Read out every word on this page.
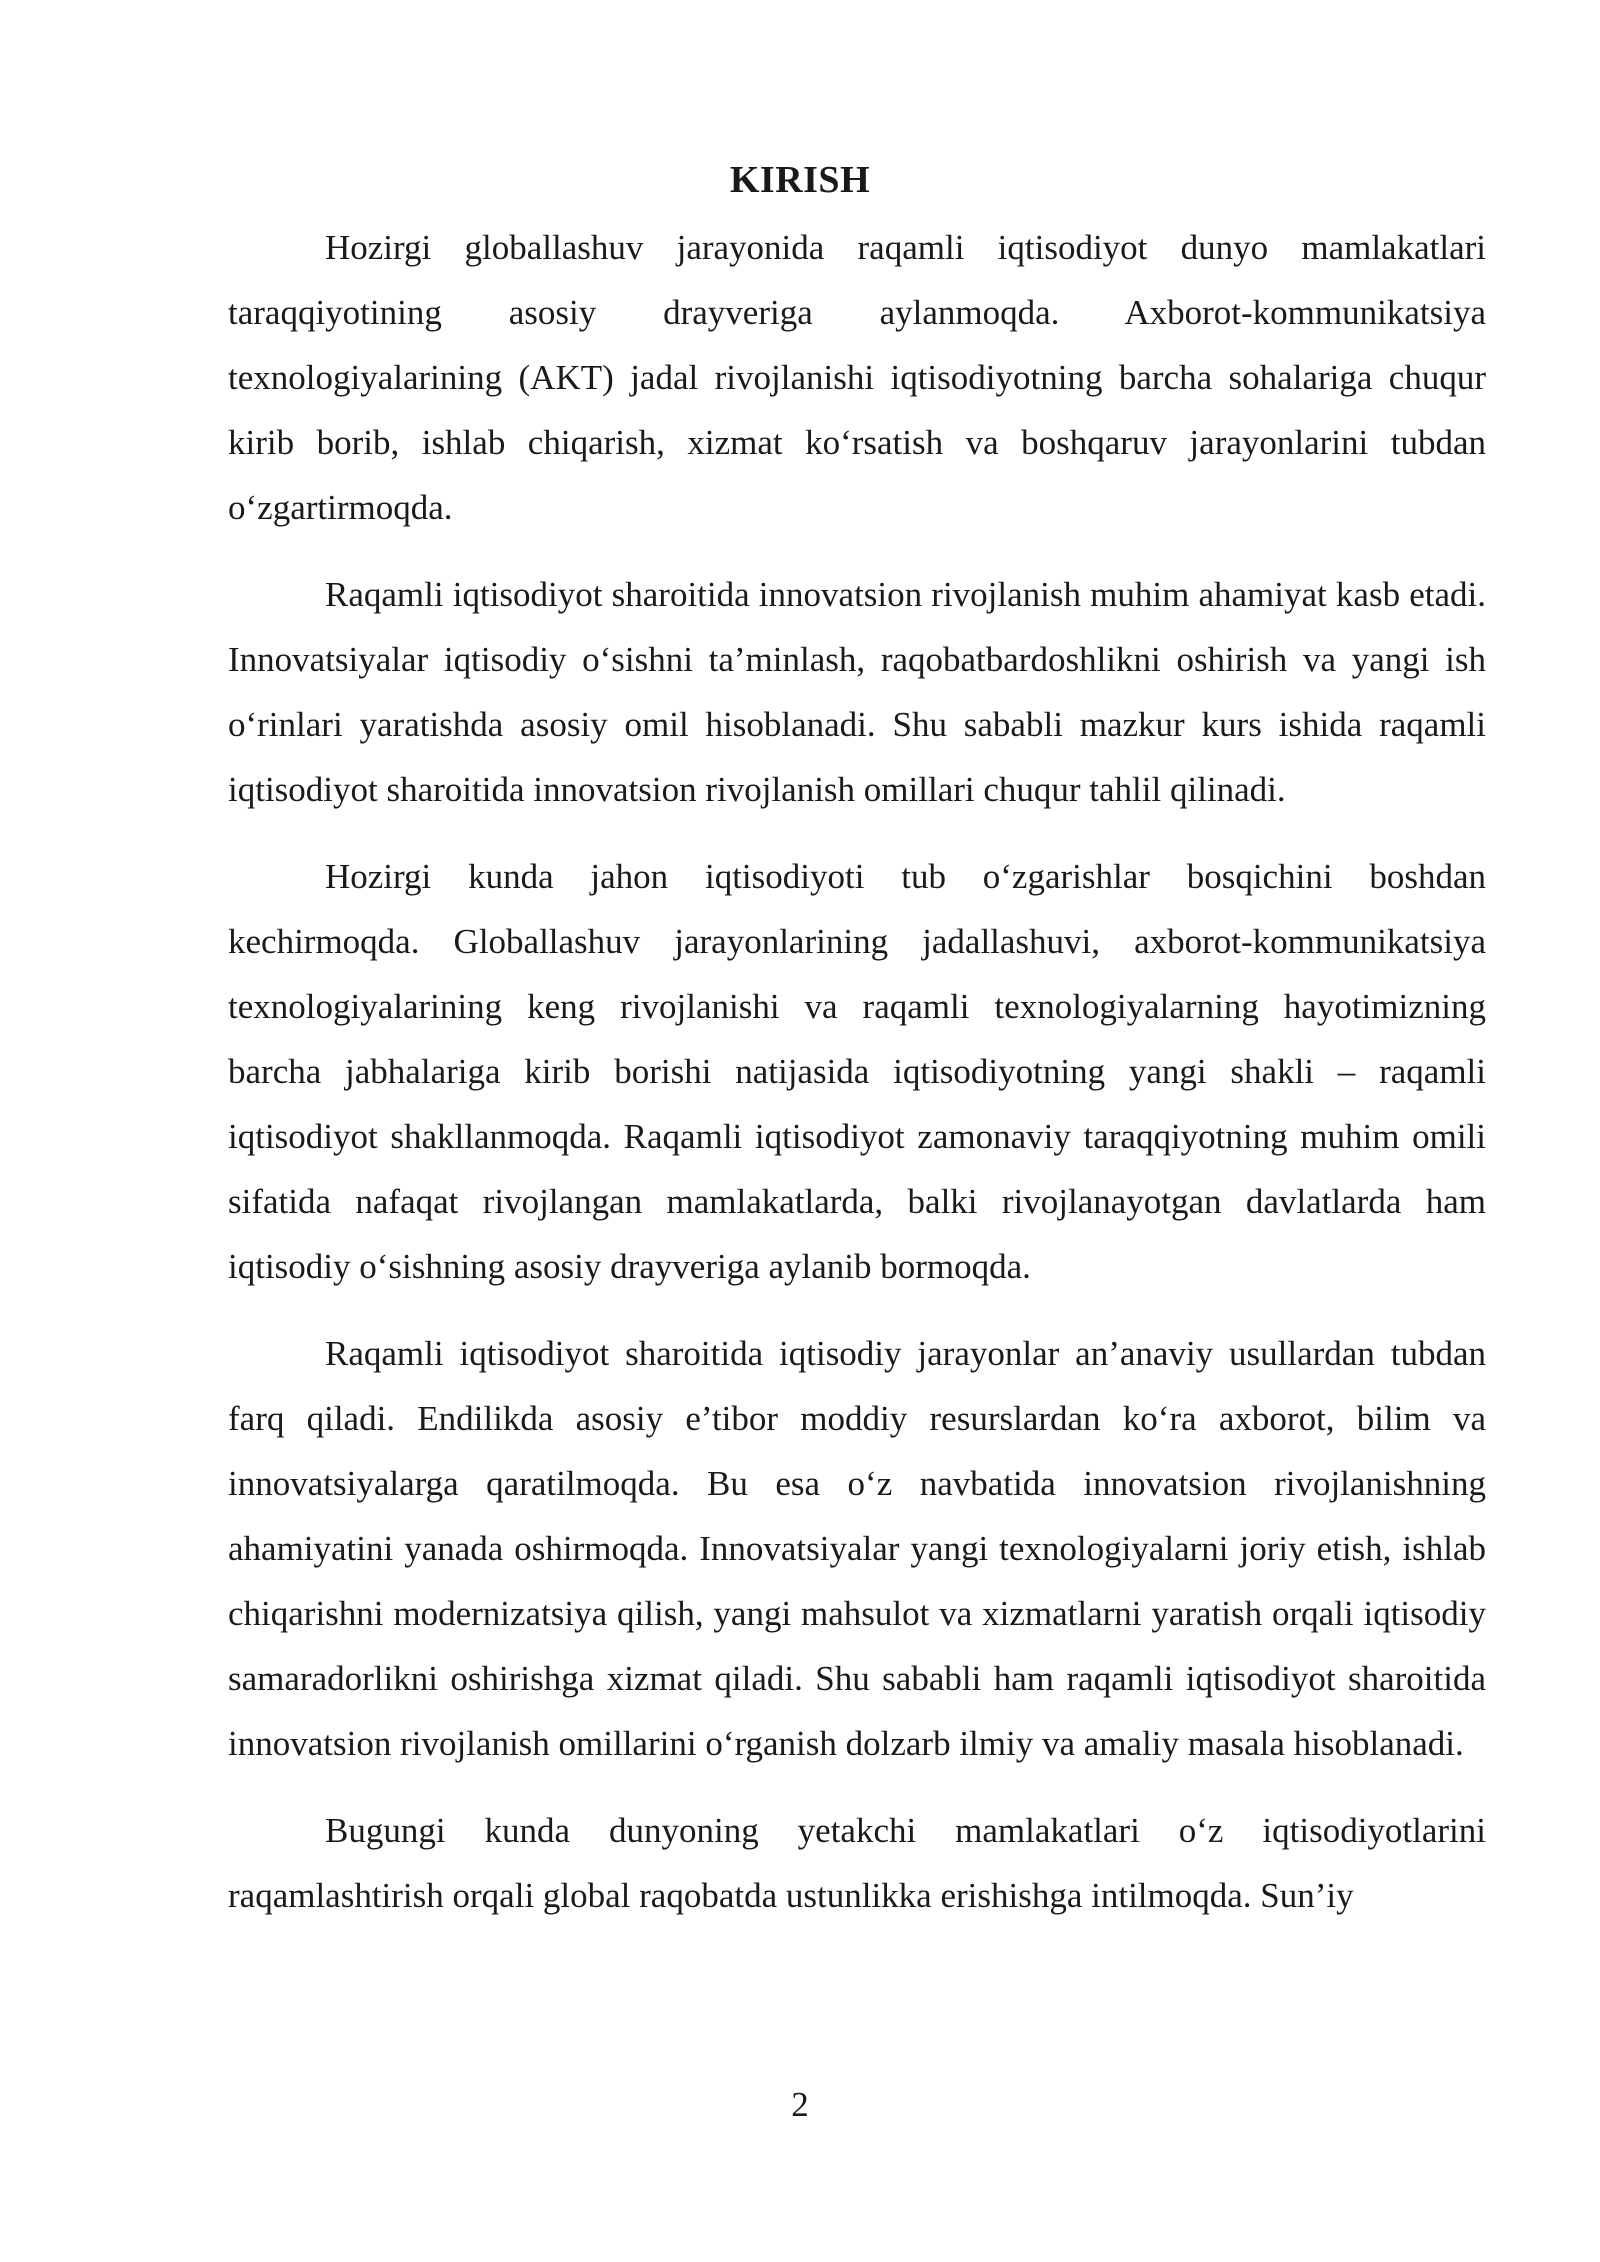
KIRISH

Hozirgi globallashuv jarayonida raqamli iqtisodiyot dunyo mamlakatlari taraqqiyotining asosiy drayveriga aylanmoqda. Axborot-kommunikatsiya texnologiyalarining (AKT) jadal rivojlanishi iqtisodiyotning barcha sohalariga chuqur kirib borib, ishlab chiqarish, xizmat ko‘rsatish va boshqaruv jarayonlarini tubdan o‘zgartirmoqda.

Raqamli iqtisodiyot sharoitida innovatsion rivojlanish muhim ahamiyat kasb etadi. Innovatsiyalar iqtisodiy o‘sishni ta’minlash, raqobatbardoshlikni oshirish va yangi ish o‘rinlari yaratishda asosiy omil hisoblanadi. Shu sababli mazkur kurs ishida raqamli iqtisodiyot sharoitida innovatsion rivojlanish omillari chuqur tahlil qilinadi.

Hozirgi kunda jahon iqtisodiyoti tub o‘zgarishlar bosqichini boshdan kechirmoqda. Globallashuv jarayonlarining jadallashuvi, axborot-kommunikatsiya texnologiyalarining keng rivojlanishi va raqamli texnologiyalarning hayotimizning barcha jabhalariga kirib borishi natijasida iqtisodiyotning yangi shakli – raqamli iqtisodiyot shakllanmoqda. Raqamli iqtisodiyot zamonaviy taraqqiyotning muhim omili sifatida nafaqat rivojlangan mamlakatlarda, balki rivojlanayotgan davlatlarda ham iqtisodiy o‘sishning asosiy drayveriga aylanib bormoqda.

Raqamli iqtisodiyot sharoitida iqtisodiy jarayonlar an’anaviy usullardan tubdan farq qiladi. Endilikda asosiy e’tibor moddiy resurslardan ko‘ra axborot, bilim va innovatsiyalarga qaratilmoqda. Bu esa o‘z navbatida innovatsion rivojlanishning ahamiyatini yanada oshirmoqda. Innovatsiyalar yangi texnologiyalarni joriy etish, ishlab chiqarishni modernizatsiya qilish, yangi mahsulot va xizmatlarni yaratish orqali iqtisodiy samaradorlikni oshirishga xizmat qiladi. Shu sababli ham raqamli iqtisodiyot sharoitida innovatsion rivojlanish omillarini o‘rganish dolzarb ilmiy va amaliy masala hisoblanadi.

Bugungi kunda dunyoning yetakchi mamlakatlari o‘z iqtisodiyotlarini raqamlashtirish orqali global raqobatda ustunlikka erishishga intilmoqda. Sun’iy

2
